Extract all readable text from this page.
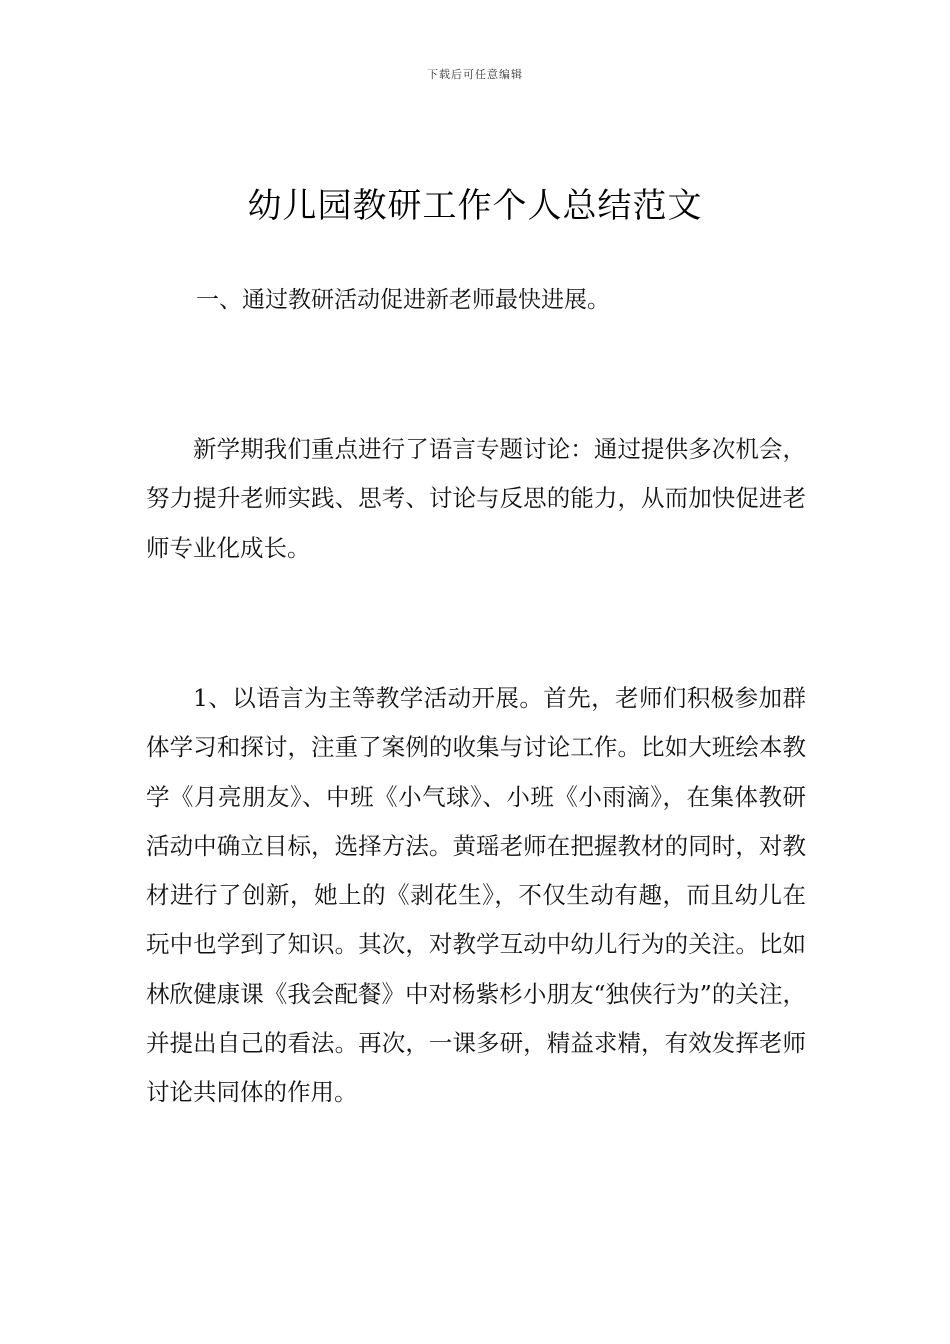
下载后可任意编辑
幼儿园教研工作个人总结范文
一、通过教研活动促进新老师最快进展。

新学期我们重点进行了语言专题讨论：通过提供多次机会，努力提升老师实践、思考、讨论与反思的能力，从而加快促进老师专业化成长。

1、以语言为主等教学活动开展。首先，老师们积极参加群体学习和探讨，注重了案例的收集与讨论工作。比如大班绘本教学《月亮朋友》、中班《小气球》、小班《小雨滴》，在集体教研活动中确立目标，选择方法。黄瑶老师在把握教材的同时，对教材进行了创新，她上的《剥花生》，不仅生动有趣，而且幼儿在玩中也学到了知识。其次，对教学互动中幼儿行为的关注。比如林欣健康课《我会配餐》中对杨紫杉小朋友“独侠行为”的关注，并提出自己的看法。再次，一课多研，精益求精，有效发挥老师讨论共同体的作用。
